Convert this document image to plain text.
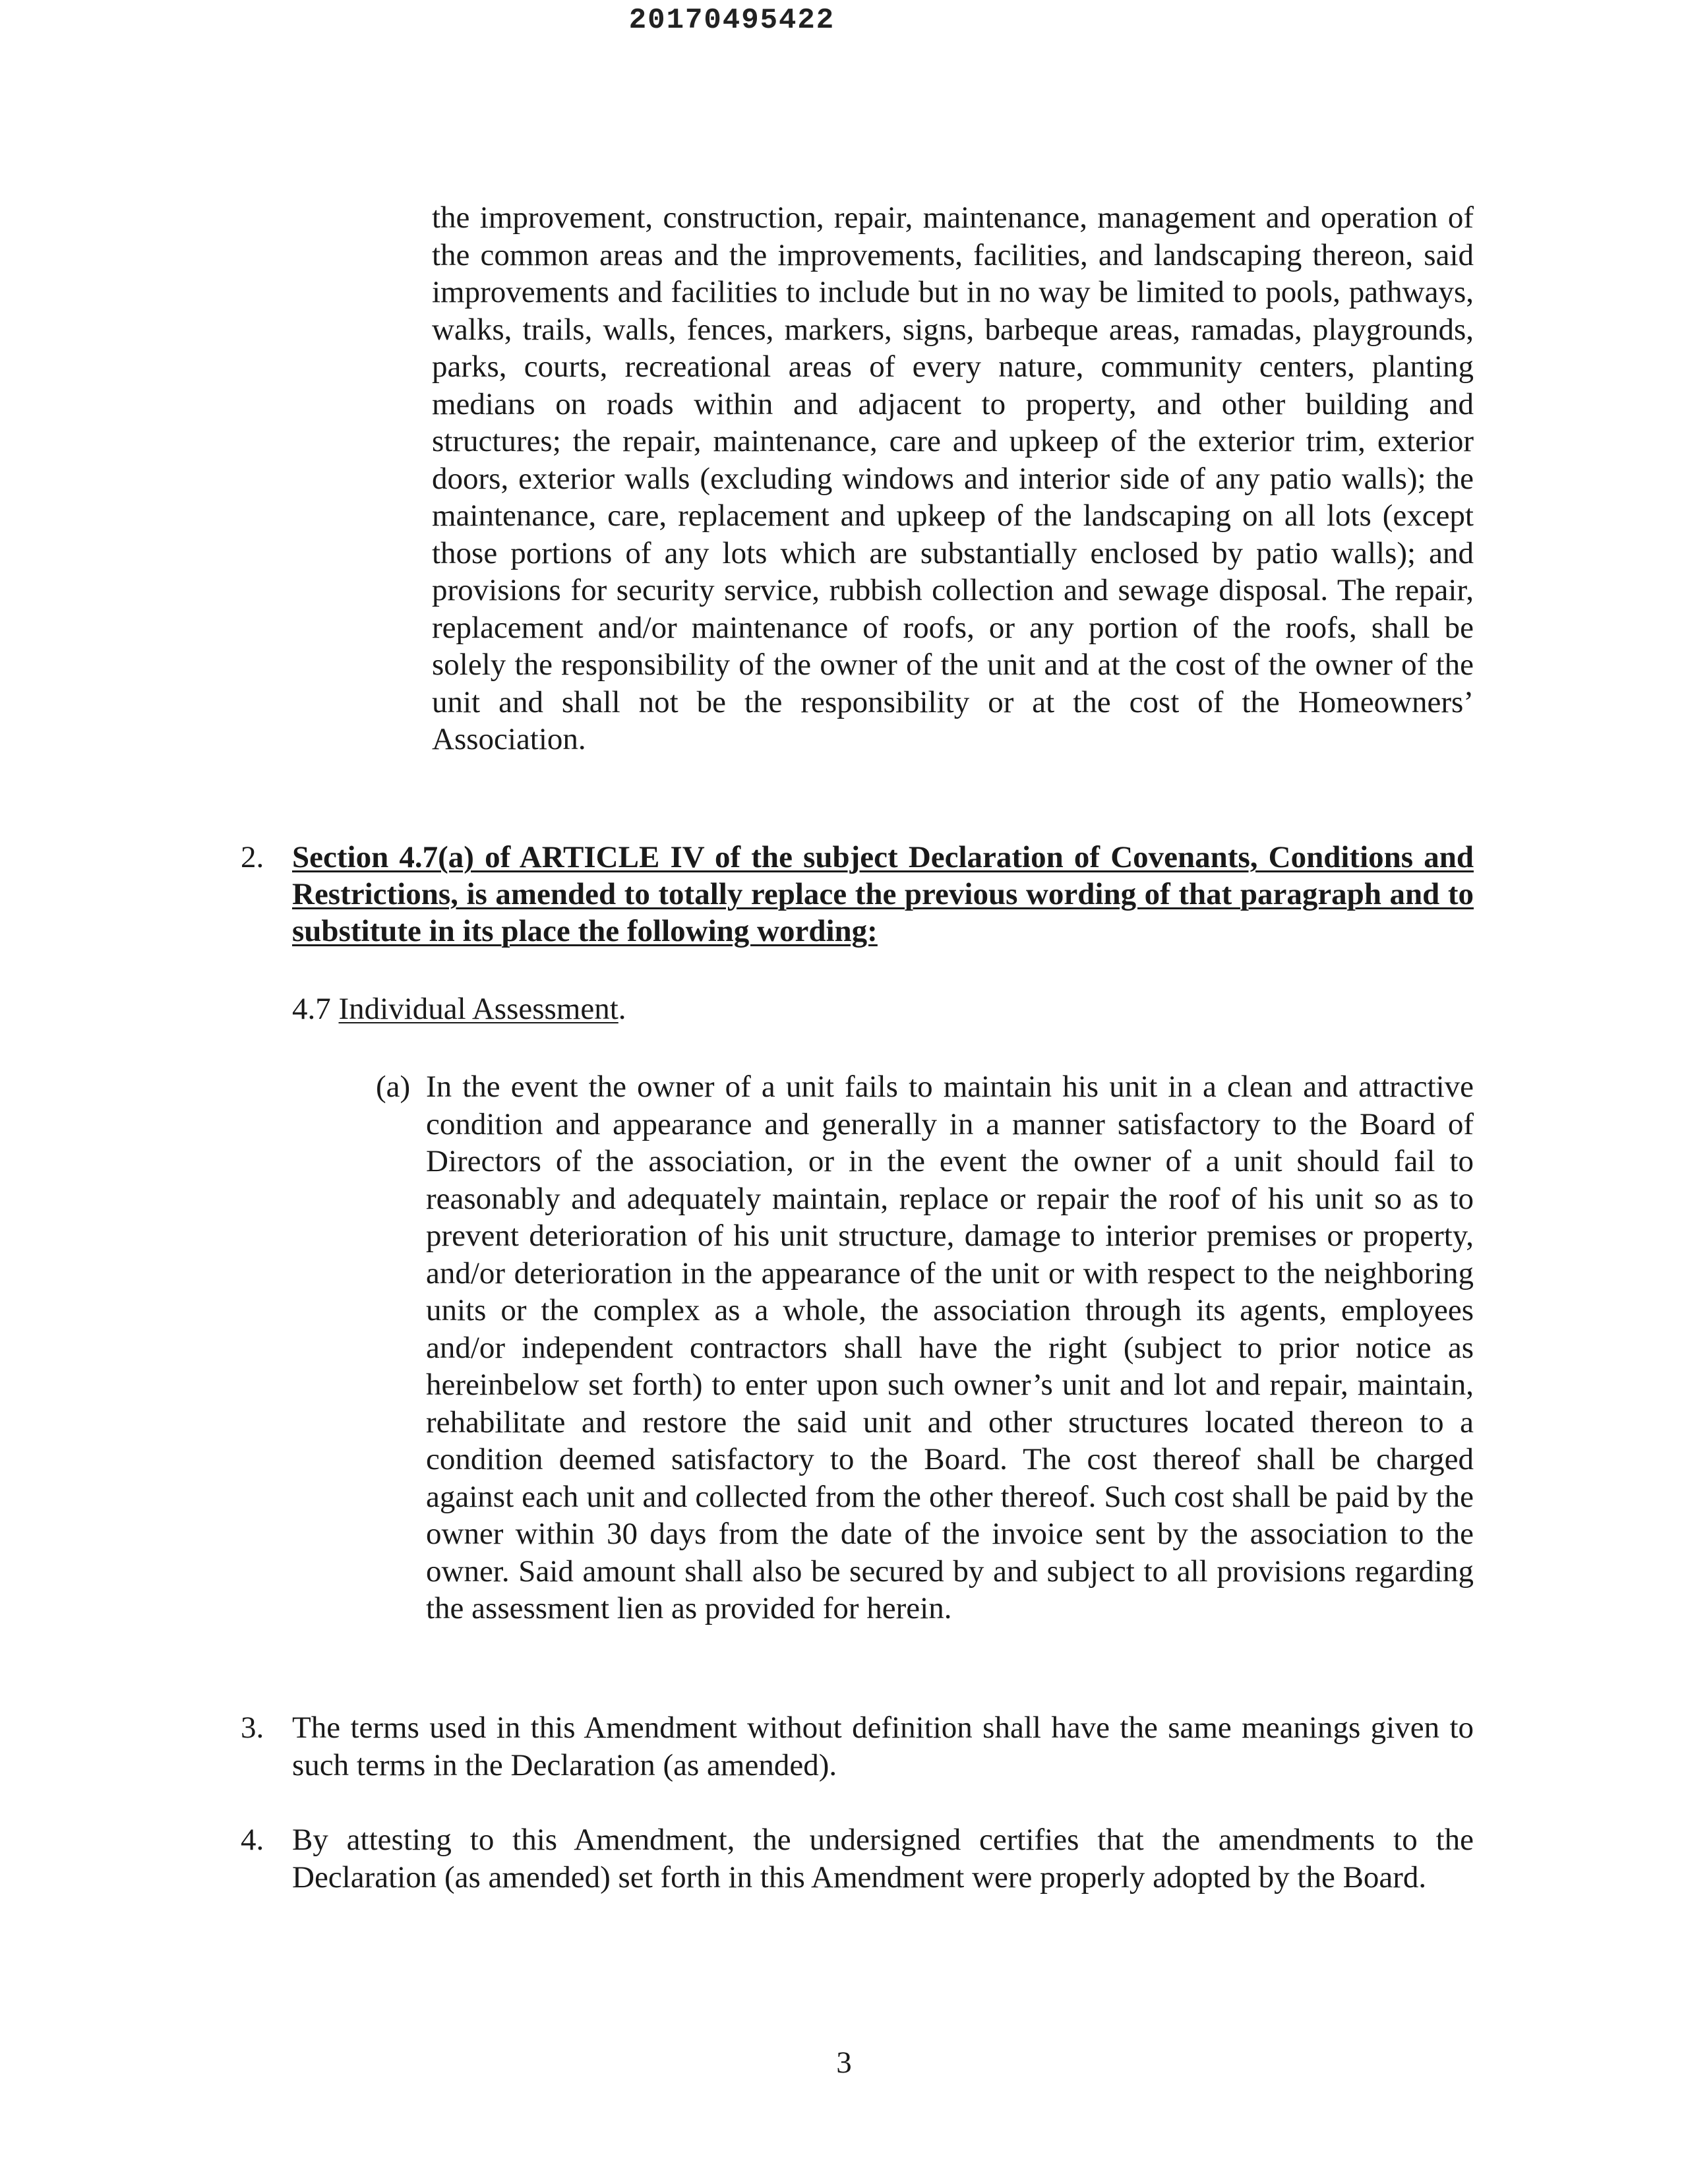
20170495422

the improvement, construction, repair, maintenance, management and operation of the common areas and the improvements, facilities, and landscaping thereon, said improvements and facilities to include but in no way be limited to pools, pathways, walks, trails, walls, fences, markers, signs, barbeque areas, ramadas, playgrounds, parks, courts, recreational areas of every nature, community centers, planting medians on roads within and adjacent to property, and other building and structures; the repair, maintenance, care and upkeep of the exterior trim, exterior doors, exterior walls (excluding windows and interior side of any patio walls); the maintenance, care, replacement and upkeep of the landscaping on all lots (except those portions of any lots which are substantially enclosed by patio walls); and provisions for security service, rubbish collection and sewage disposal. The repair, replacement and/or maintenance of roofs, or any portion of the roofs, shall be solely the responsibility of the owner of the unit and at the cost of the owner of the unit and shall not be the responsibility or at the cost of the Homeowners’ Association.

2. Section 4.7(a) of ARTICLE IV of the subject Declaration of Covenants, Conditions and Restrictions, is amended to totally replace the previous wording of that paragraph and to substitute in its place the following wording:
4.7 Individual Assessment.
(a) In the event the owner of a unit fails to maintain his unit in a clean and attractive condition and appearance and generally in a manner satisfactory to the Board of Directors of the association, or in the event the owner of a unit should fail to reasonably and adequately maintain, replace or repair the roof of his unit so as to prevent deterioration of his unit structure, damage to interior premises or property, and/or deterioration in the appearance of the unit or with respect to the neighboring units or the complex as a whole, the association through its agents, employees and/or independent contractors shall have the right (subject to prior notice as hereinbelow set forth) to enter upon such owner’s unit and lot and repair, maintain, rehabilitate and restore the said unit and other structures located thereon to a condition deemed satisfactory to the Board. The cost thereof shall be charged against each unit and collected from the other thereof. Such cost shall be paid by the owner within 30 days from the date of the invoice sent by the association to the owner. Said amount shall also be secured by and subject to all provisions regarding the assessment lien as provided for herein.
3. The terms used in this Amendment without definition shall have the same meanings given to such terms in the Declaration (as amended).
4. By attesting to this Amendment, the undersigned certifies that the amendments to the Declaration (as amended) set forth in this Amendment were properly adopted by the Board.
3
